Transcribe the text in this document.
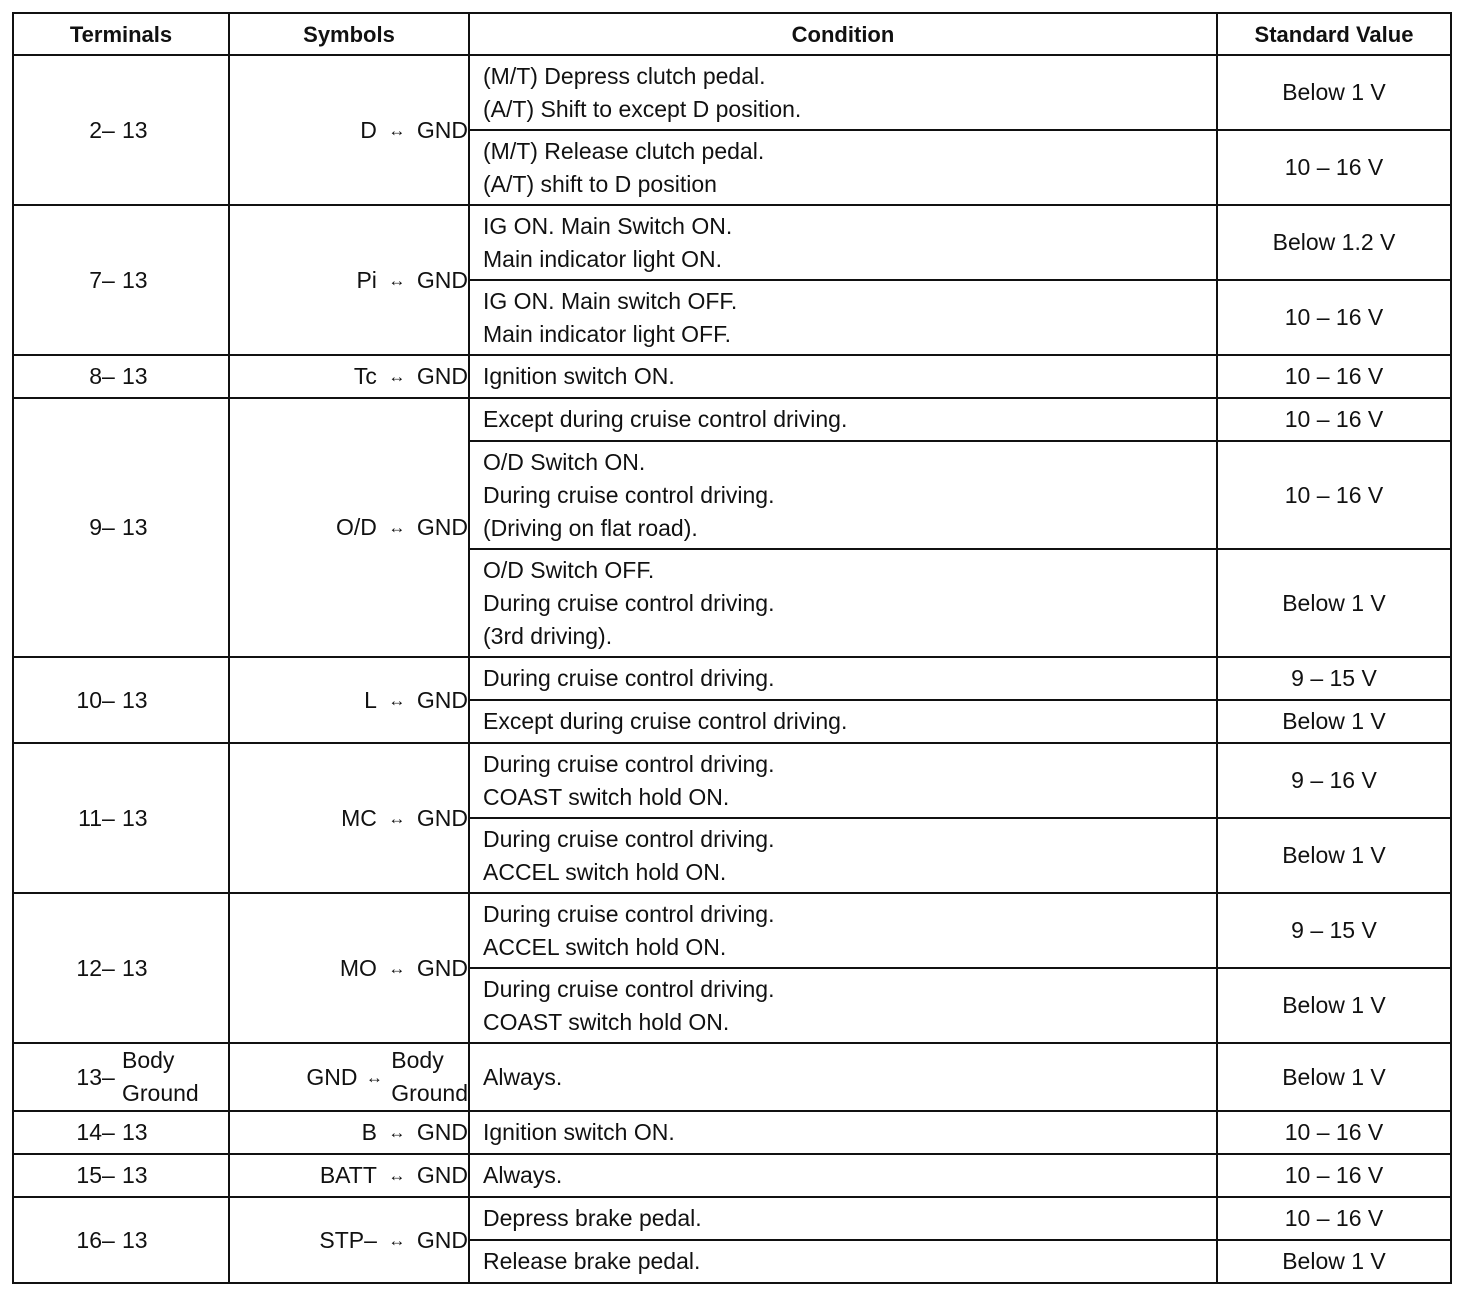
Terminals	Symbols	Condition	Standard Value

2 – 13	D ↔ GND	(M/T) Depress clutch pedal.
(A/T) Shift to except D position.	Below 1 V

		(M/T) Release clutch pedal.
(A/T) shift to D position	10 – 16 V

7 – 13	Pi ↔ GND	IG ON. Main Switch ON.
Main indicator light ON.	Below 1.2 V

		IG ON. Main switch OFF.
Main indicator light OFF.	10 – 16 V

8 – 13	Tc ↔ GND	Ignition switch ON.	10 – 16 V

9 – 13	O/D ↔ GND	Except during cruise control driving.	10 – 16 V

		O/D Switch ON.
During cruise control driving.
(Driving on flat road).	10 – 16 V

		O/D Switch OFF.
During cruise control driving.
(3rd driving).	Below 1 V

10 – 13	L ↔ GND	During cruise control driving.	9 – 15 V

		Except during cruise control driving.	Below 1 V

11 – 13	MC ↔ GND	During cruise control driving.
COAST switch hold ON.	9 – 16 V

		During cruise control driving.
ACCEL switch hold ON.	Below 1 V

12 – 13	MO ↔ GND	During cruise control driving.
ACCEL switch hold ON.	9 – 15 V

		During cruise control driving.
COAST switch hold ON.	Below 1 V

13 –
Body
Ground	GND ↔
Body
Ground	Always.	Below 1 V

14 – 13	B ↔ GND	Ignition switch ON.	10 – 16 V

15 – 13	BATT ↔ GND	Always.	10 – 16 V

16 – 13	STP– ↔ GND	Depress brake pedal.	10 – 16 V

		Release brake pedal.	Below 1 V
